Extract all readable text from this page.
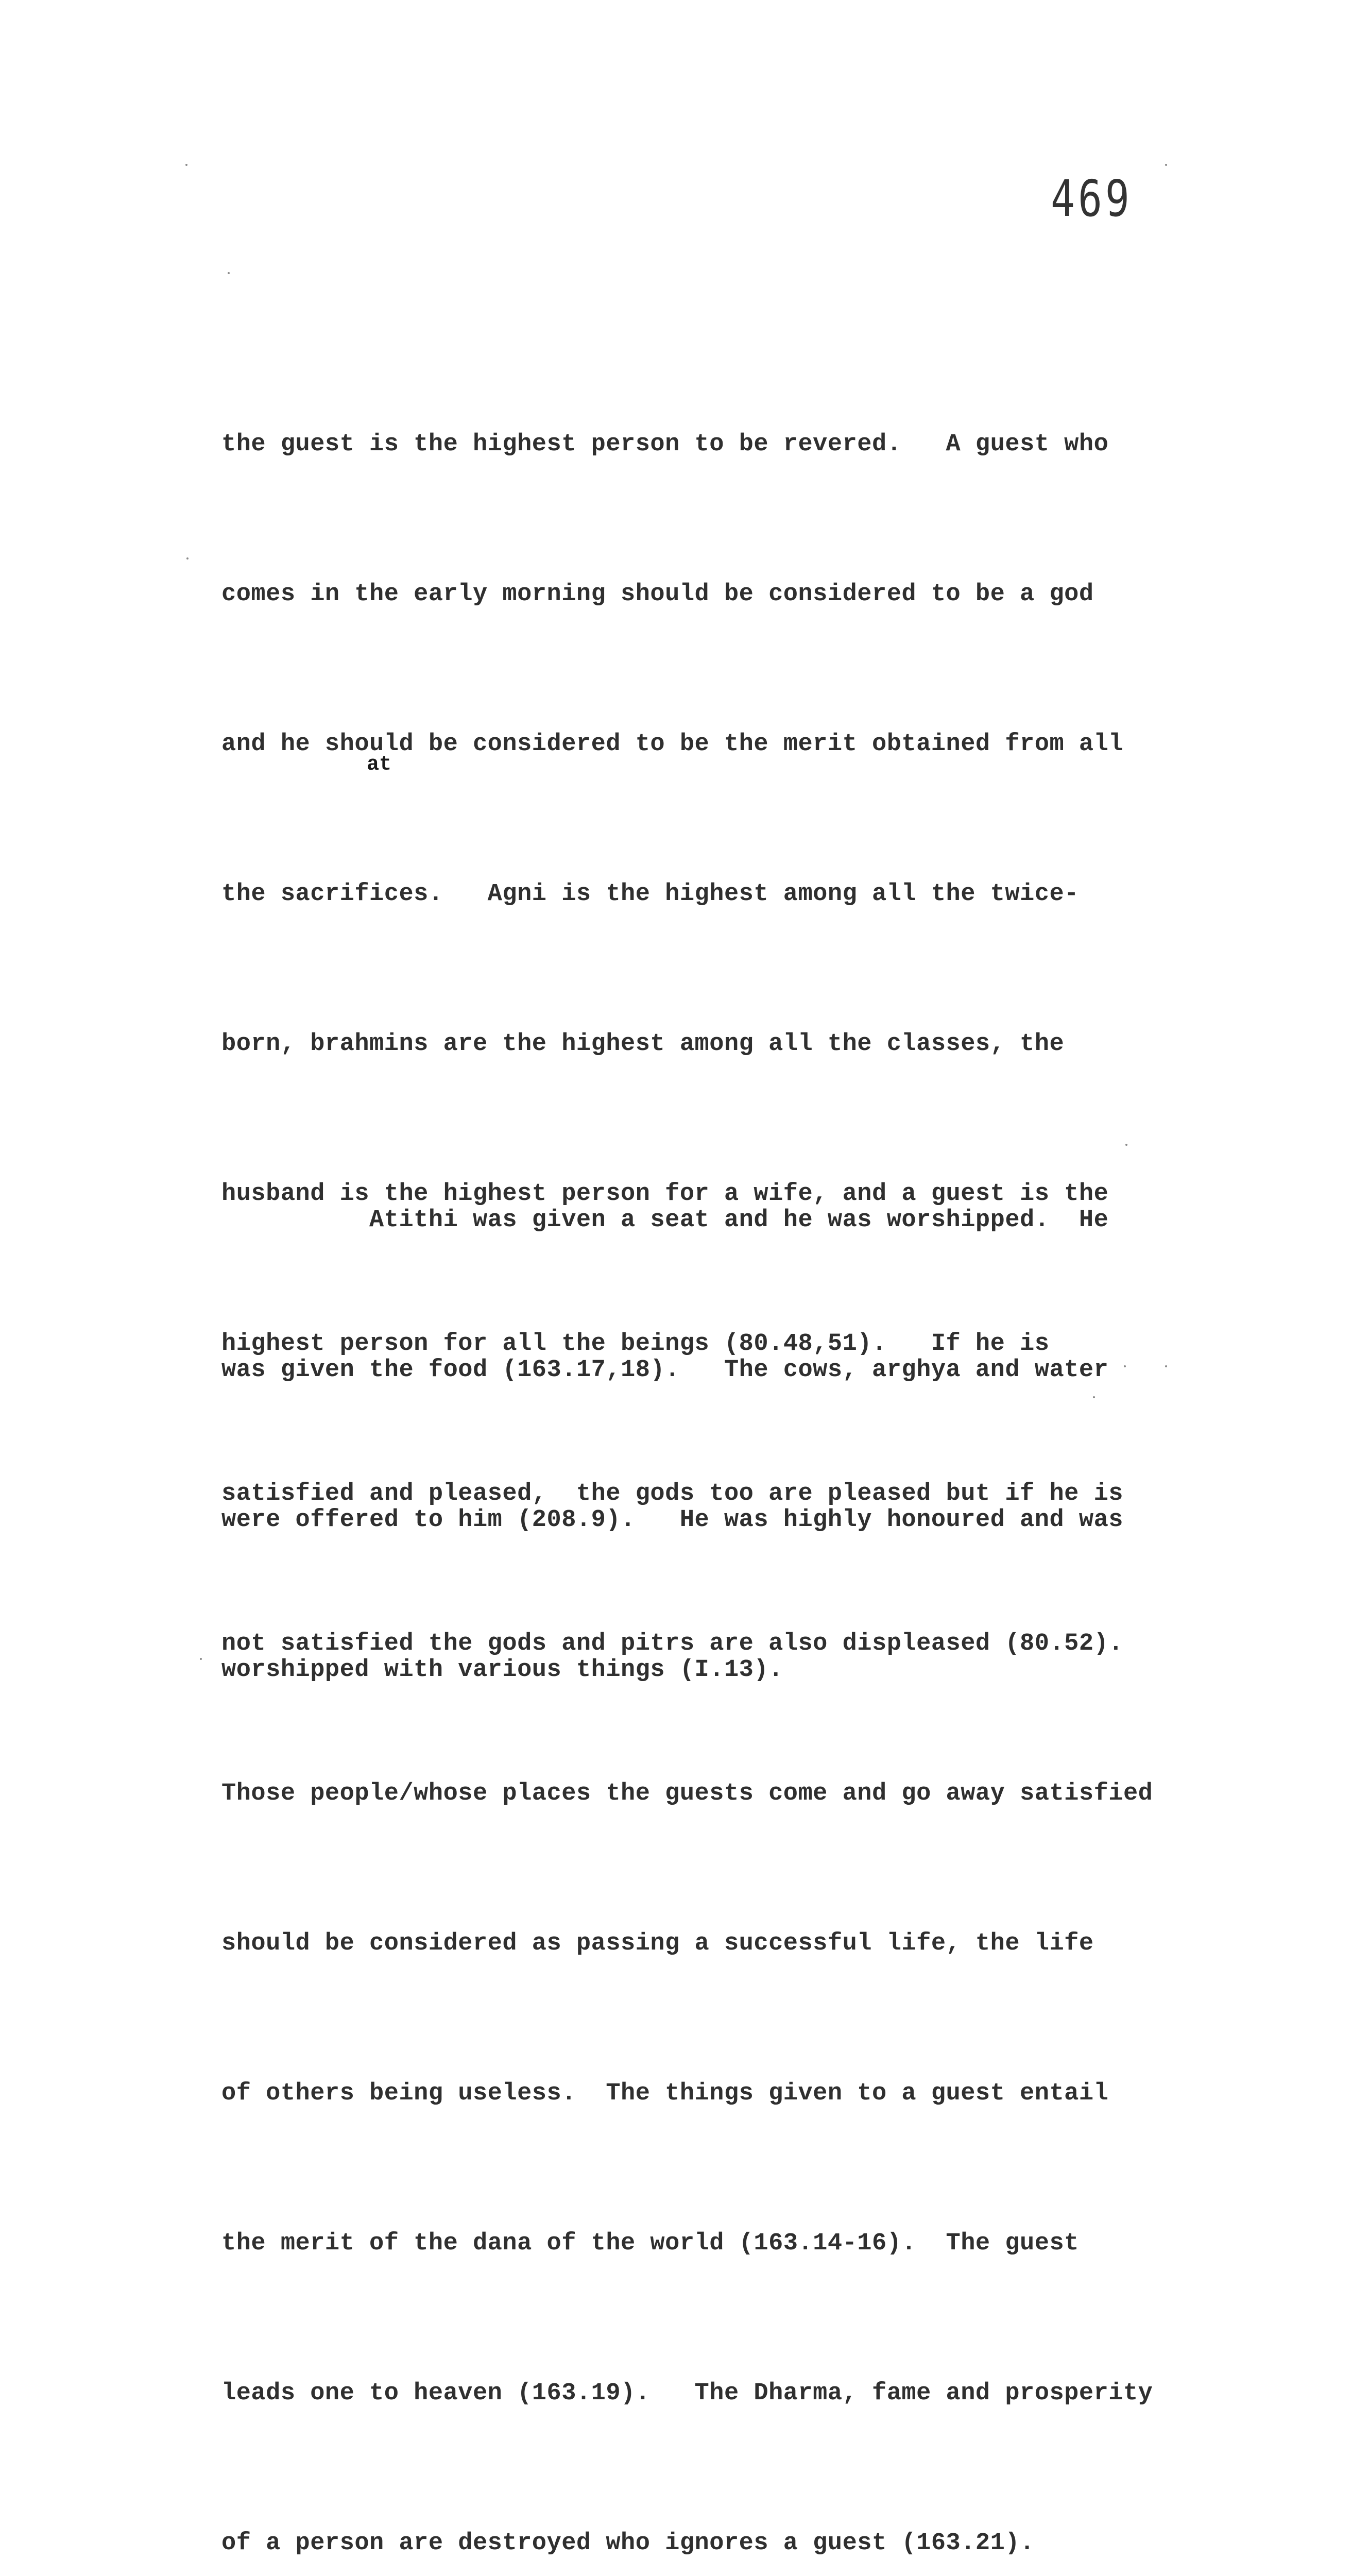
469

the guest is the highest person to be revered.   A guest who

comes in the early morning should be considered to be a god

and he should be considered to be the merit obtained from all

the sacrifices.   Agni is the highest among all the twice-

born, brahmins are the highest among all the classes, the

husband is the highest person for a wife, and a guest is the

highest person for all the beings (80.48,51).   If he is

satisfied and pleased,  the gods too are pleased but if he is

not satisfied the gods and pitrs are also displeased (80.52).

Those people/whose places the guests come and go away satisfied

should be considered as passing a successful life, the life

of others being useless.  The things given to a guest entail

the merit of the dana of the world (163.14-16).  The guest

leads one to heaven (163.19).   The Dharma, fame and prosperity

of a person are destroyed who ignores a guest (163.21).

at

Atithi was given a seat and he was worshipped.  He

was given the food (163.17,18).   The cows, arghya and water

were offered to him (208.9).   He was highly honoured and was

worshipped with various things (I.13).
